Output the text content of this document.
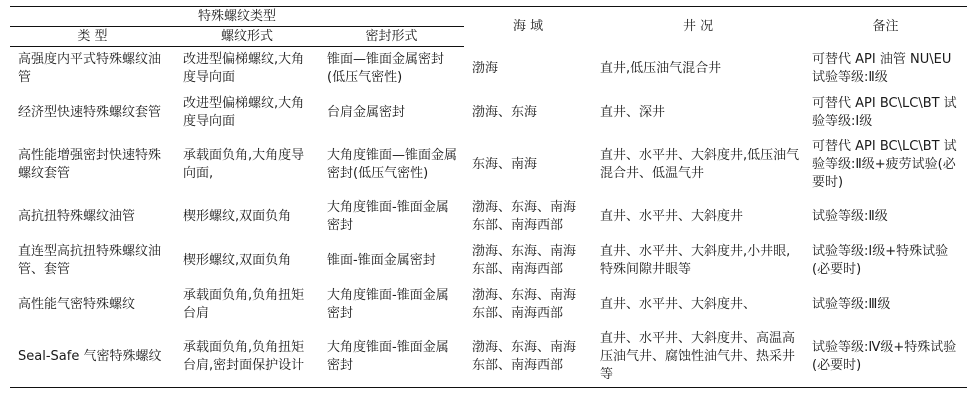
特殊螺纹类型			海 域	井 况	备注
类 型	螺纹形式	密封形式			
高强度内平式特殊螺纹油管	改进型偏梯螺纹,大角度导向面	锥面—锥面金属密封(低压气密性)	渤海	直井,低压油气混合井	可替代 API 油管 NU\EU 试验等级:Ⅱ级
经济型快速特殊螺纹套管	改进型偏梯螺纹,大角度导向面	台肩金属密封	渤海、东海	直井、深井	可替代 API BC\LC\BT 试验等级:Ⅰ级
高性能增强密封快速特殊螺纹套管	承载面负角,大角度导向面,	大角度锥面—锥面金属密封(低压气密性)	东海、南海	直井、水平井、大斜度井,低压油气混合井、低温气井	可替代 API BC\LC\BT 试验等级:Ⅱ级+疲劳试验(必要时)
高抗扭特殊螺纹油管	楔形螺纹,双面负角	大角度锥面-锥面金属密封	渤海、东海、南海东部、南海西部	直井、水平井、大斜度井	试验等级:Ⅱ级
直连型高抗扭特殊螺纹油管、套管	楔形螺纹,双面负角	锥面-锥面金属密封	渤海、东海、南海东部、南海西部	直井、水平井、大斜度井,小井眼,特殊间隙井眼等	试验等级:Ⅰ级+特殊试验(必要时)
高性能气密特殊螺纹	承载面负角,负角扭矩台肩	大角度锥面-锥面金属密封	渤海、东海、南海东部、南海西部	直井、水平井、大斜度井、	试验等级:Ⅲ级
Seal-Safe 气密特殊螺纹	承载面负角,负角扭矩台肩,密封面保护设计	大角度锥面-锥面金属密封	渤海、东海、南海东部、南海西部	直井、水平井、大斜度井、高温高压油气井、腐蚀性油气井、热采井等	试验等级:Ⅳ级+特殊试验(必要时)
